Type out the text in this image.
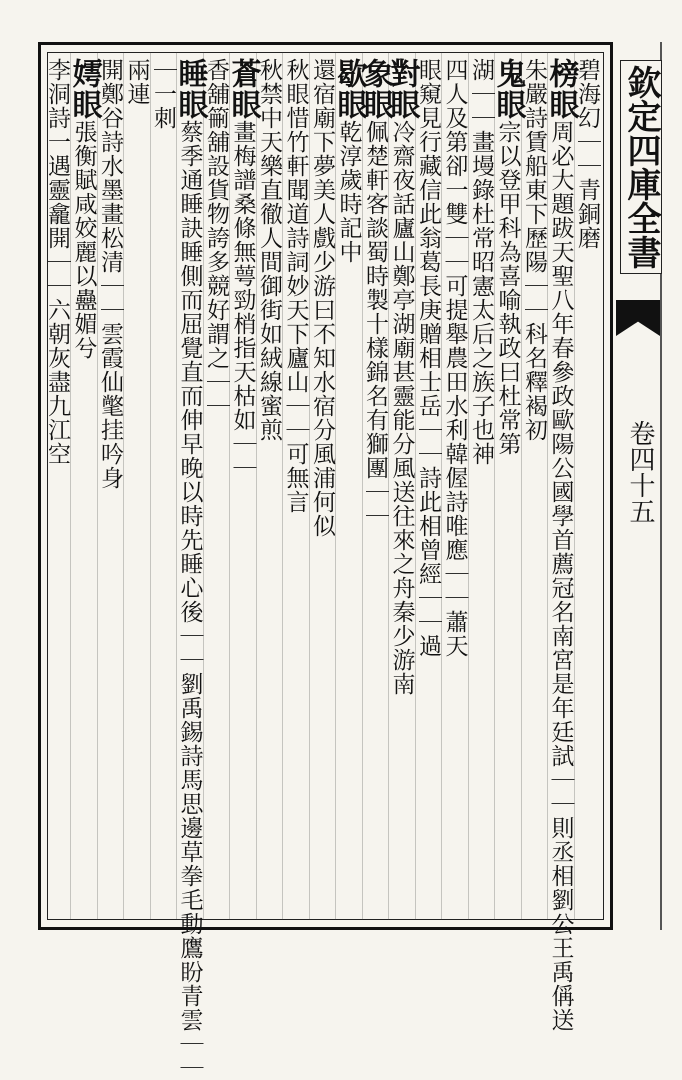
欽定四庫全書
卷四十五
碧海幻｜｜青銅磨
榜眼周必大題跋天聖八年春參政歐陽公國學首薦冠名南宮是年廷試｜｜則丞相劉公王禹偁送
朱嚴詩賃船東下歷陽｜｜科名釋褐初
鬼眼宗以登甲科為喜喻執政曰杜常第
湖｜｜畫墁錄杜常昭憲太后之族子也神
四人及第卻一雙｜｜可提舉農田水利韓偓詩唯應｜｜蕭天
眼窺見行藏信此翁葛長庚贈相士岳｜｜詩此相曾經｜｜過
對眼冷齋夜話廬山鄭亭湖廟甚靈能分風送往來之舟秦少游南
象眼佩楚軒客談蜀時製十樣錦名有獅團｜｜
歇眼乾淳歲時記中
還宿廟下夢美人戲少游曰不知水宿分風浦何似
秋眼惜竹軒聞道詩詞妙天下廬山｜｜可無言
秋禁中天樂直徹人間御街如絨線蜜煎
蒼眼畫梅譜桑條無萼勁梢指天枯如｜｜
香舖䈀舖設貨物誇多競好謂之｜｜
睡眼蔡季通睡訣睡側而屈覺直而伸早晚以時先睡心後｜｜劉禹錫詩馬思邊草拳毛動鷹盼青雲｜｜
｜一刺
兩連
開鄭谷詩水墨畫松清｜｜雲霞仙氅挂吟身
嫮眼張衡賦咸姣麗以蠱媚兮
李洞詩一遇靈龕開｜｜六朝灰盡九江空
